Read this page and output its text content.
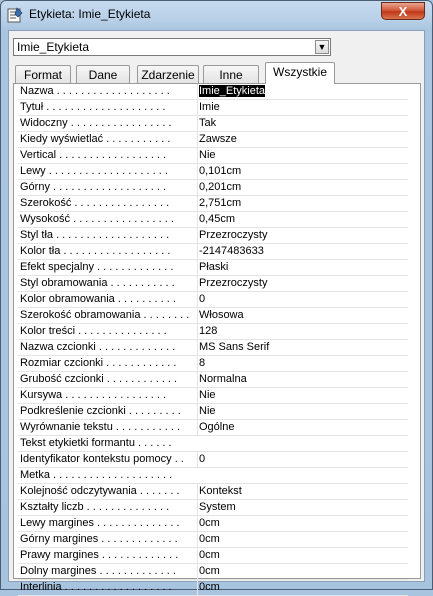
Etykieta: Imie_Etykieta	X
Imie_Etykieta	▼
Format	Dane	Zdarzenie	Inne	Wszystkie
Nazwa . . . . . . . . . . . . . . . . . . .	Imie_Etykieta
Tytuł . . . . . . . . . . . . . . . . . . . .	Imie
Widoczny . . . . . . . . . . . . . . . . .	Tak
Kiedy wyświetlać . . . . . . . . . . .	Zawsze
Vertical . . . . . . . . . . . . . . . . . .	Nie
Lewy . . . . . . . . . . . . . . . . . . . .	0,101cm
Górny . . . . . . . . . . . . . . . . . . .	0,201cm
Szerokość . . . . . . . . . . . . . . . .	2,751cm
Wysokość . . . . . . . . . . . . . . . . .	0,45cm
Styl tła . . . . . . . . . . . . . . . . . . .	Przezroczysty
Kolor tła . . . . . . . . . . . . . . . . . .	-2147483633
Efekt specjalny . . . . . . . . . . . . .	Płaski
Styl obramowania . . . . . . . . . . .	Przezroczysty
Kolor obramowania . . . . . . . . . .	0
Szerokość obramowania . . . . . . . . Włosowa
Kolor treści . . . . . . . . . . . . . . .	128
Nazwa czcionki . . . . . . . . . . . . .	MS Sans Serif
Rozmiar czcionki . . . . . . . . . . . .	8
Grubość czcionki . . . . . . . . . . . .	Normalna
Kursywa . . . . . . . . . . . . . . . . .	Nie
Podkreślenie czcionki . . . . . . . . .	Nie
Wyrównanie tekstu . . . . . . . . . . .	Ogólne
Tekst etykietki formantu . . . . . .
Identyfikator kontekstu pomocy . .	0
Metka . . . . . . . . . . . . . . . . . . . .
Kolejność odczytywania . . . . . . .	Kontekst
Kształty liczb . . . . . . . . . . . . . .	System
Lewy margines . . . . . . . . . . . . . .	0cm
Górny margines . . . . . . . . . . . . .	0cm
Prawy margines . . . . . . . . . . . . .	0cm
Dolny margines . . . . . . . . . . . . .	0cm
Interlinia . . . . . . . . . . . . . . . . . .	0cm
